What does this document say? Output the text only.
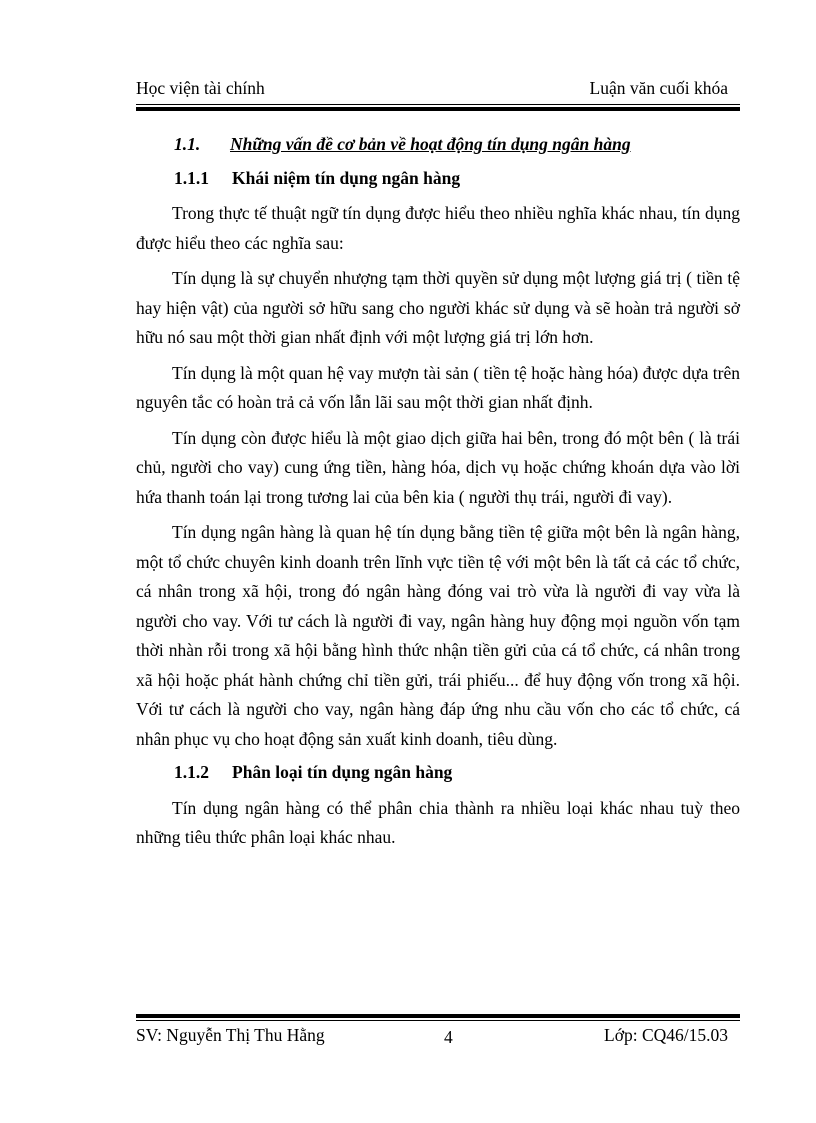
Học viện tài chính	Luận văn cuối khóa
1.1. Những vấn đề cơ bản về hoạt động tín dụng ngân hàng
1.1.1 Khái niệm tín dụng ngân hàng

Trong thực tế thuật ngữ tín dụng được hiểu theo nhiều nghĩa khác nhau, tín dụng được hiểu theo các nghĩa sau:

Tín dụng là sự chuyển nhượng tạm thời quyền sử dụng một lượng giá trị ( tiền tệ hay hiện vật) của người sở hữu sang cho người khác sử dụng và sẽ hoàn trả người sở hữu nó sau một thời gian nhất định với một lượng giá trị lớn hơn.

Tín dụng là một quan hệ vay mượn tài sản ( tiền tệ hoặc hàng hóa) được dựa trên nguyên tắc có hoàn trả cả vốn lẫn lãi sau một thời gian nhất định.

Tín dụng còn được hiểu là một giao dịch giữa hai bên, trong đó một bên ( là trái chủ, người cho vay) cung ứng tiền, hàng hóa, dịch vụ hoặc chứng khoán dựa vào lời hứa thanh toán lại trong tương lai của bên kia ( người thụ trái, người đi vay).

Tín dụng ngân hàng là quan hệ tín dụng bằng tiền tệ giữa một bên là ngân hàng, một tổ chức chuyên kinh doanh trên lĩnh vực tiền tệ với một bên là tất cả các tổ chức, cá nhân trong xã hội, trong đó ngân hàng đóng vai trò vừa là người đi vay vừa là người cho vay. Với tư cách là người đi vay, ngân hàng huy động mọi nguồn vốn tạm thời nhàn rỗi trong xã hội bằng hình thức nhận tiền gửi của cá tổ chức, cá nhân trong xã hội hoặc phát hành chứng chỉ tiền gửi, trái phiếu... để huy động vốn trong xã hội. Với tư cách là người cho vay, ngân hàng đáp ứng nhu cầu vốn cho các tổ chức, cá nhân phục vụ cho hoạt động sản xuất kinh doanh, tiêu dùng.

1.1.2 Phân loại tín dụng ngân hàng

Tín dụng ngân hàng có thể phân chia thành ra nhiều loại khác nhau tuỳ theo những tiêu thức phân loại khác nhau.

SV: Nguyễn Thị Thu Hằng	4	Lớp: CQ46/15.03
